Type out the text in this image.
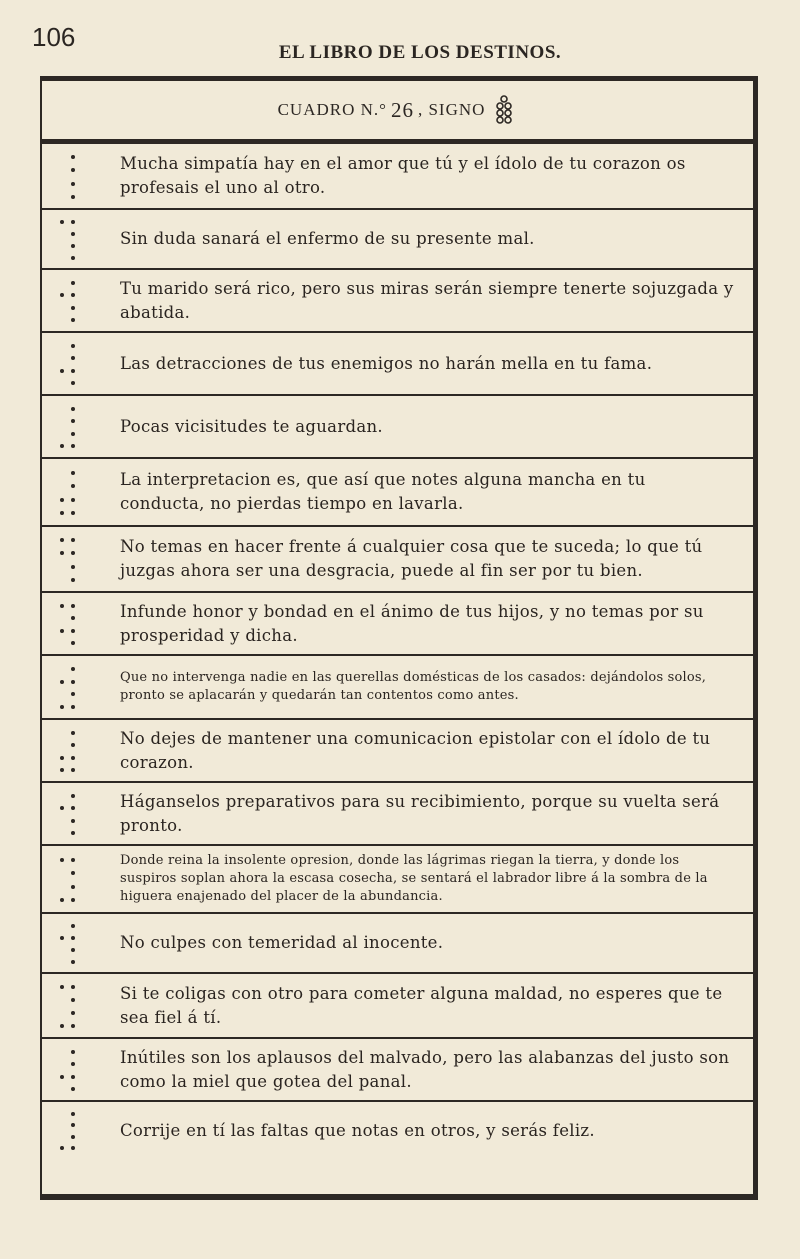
106
EL LIBRO DE LOS DESTINOS.
CUADRO N.° 26 , SIGNO
Mucha simpatía hay en el amor que tú y el ídolo de tu corazon os profesais el uno al otro.
Sin duda sanará el enfermo de su presente mal.
Tu marido será rico, pero sus miras serán siempre tenerte sojuzgada y abatida.
Las detracciones de tus enemigos no harán mella en tu fama.
Pocas vicisitudes te aguardan.
La interpretacion es, que así que notes alguna mancha en tu conducta, no pierdas tiempo en lavarla.
No temas en hacer frente á cualquier cosa que te suceda; lo que tú juzgas ahora ser una desgracia, puede al fin ser por tu bien.
Infunde honor y bondad en el ánimo de tus hijos, y no temas por su prosperidad y dicha.
Que no intervenga nadie en las querellas domésticas de los casados: dejándolos solos, pronto se aplacarán y quedarán tan contentos como antes.
No dejes de mantener una comunicacion epistolar con el ídolo de tu corazon.
Háganselos preparativos para su recibimiento, porque su vuelta será pronto.
Donde reina la insolente opresion, donde las lágrimas riegan la tierra, y donde los suspiros soplan ahora la escasa cosecha, se sentará el labrador libre á la sombra de la higuera enajenado del placer de la abundancia.
No culpes con temeridad al inocente.
Si te coligas con otro para cometer alguna maldad, no esperes que te sea fiel á tí.
Inútiles son los aplausos del malvado, pero las alabanzas del justo son como la miel que gotea del panal.
Corrije en tí las faltas que notas en otros, y serás feliz.
